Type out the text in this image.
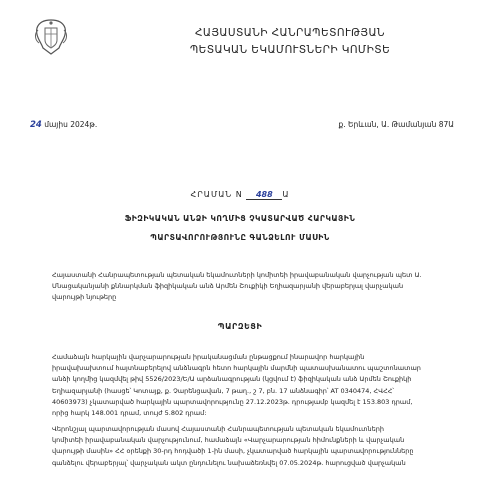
ՀԱՅԱՍՏԱՆԻ ՀԱՆՐԱՊԵՏՈՒԹՅԱՆ
ՊԵՏԱԿԱՆ ԵԿԱՄՈՒՏՆԵՐԻ ԿՈՄԻՏԵ
24 մայիս 2024թ.	ք. Երևան, Ա. Թամանյան 87Ա
ՀՐԱՄԱՆ N 488 Ա
ՖԻԶԻԿԱԿԱՆ ԱՆՁԻ ԿՈՂՄԻՑ ՉԿԱՏԱՐՎԱԾ ՀԱՐԿԱՅԻՆ
ՊԱՐՏԱՎՈՐՈՒԹՅՈՒՆԸ ԳԱՆՁԵԼՈՒ ՄԱՍԻՆ
Հայաստանի Հանրապետության պետական եկամուտների կոմիտեի իրավաբանական վարչության պետ Ա.
Մնացականյանի քննարկման ֆիզիկական անձ Արմեն Շուքիկի Եղիազարյանի վերաբերյալ վարչական
վարույթի նյութերը
ՊԱՐԶԵՑԻ
Համաձայն հարկային վարչարարության իրականացման ընթացքում ինարավոր հարկային
իրավախախտում հայտնաբերելով անձնագրն հետո հարկային մարմնի պատասխանատու պաշտոնատար
անձի կողմից կազմվել թիվ 5526/2023/Ե/Ա արձանագրության (կցվում է) ֆիզիկական անձ Արմեն Շուքիկի
Եղիազարյանի (հասցե՝ Կոտայք, ք. Չարենցավան, 7 թաղ., շ 7, բն. 17 անձնագիր՝ AT 0340474, ՀՎՀՀ՝
40603973) չկատարված հարկային պարտավորությունը 27.12.2023թ. դրությամբ կազմել է 153.803 դրամ,
որից հարկ 148.001 դրամ, տույժ 5.802 դրամ:
Վերոնշյալ պարտավորության մասով Հայաստանի Հանրապետության պետական եկամուտների
կոմիտեի իրավաբանական վարչությունում, համաձայն «Վարչարարության հիմունքների և վարչական
վարույթի մասին» ՀՀ օրենքի 30-րդ հոդվածի 1-ին մասի, չկատարված հարկային պարտավորությունները
գանձելու վերաբերյալ՝ վարչական ակտ ընդունելու նախաձեռնվել 07.05.2024թ. հարուցված վարչական
